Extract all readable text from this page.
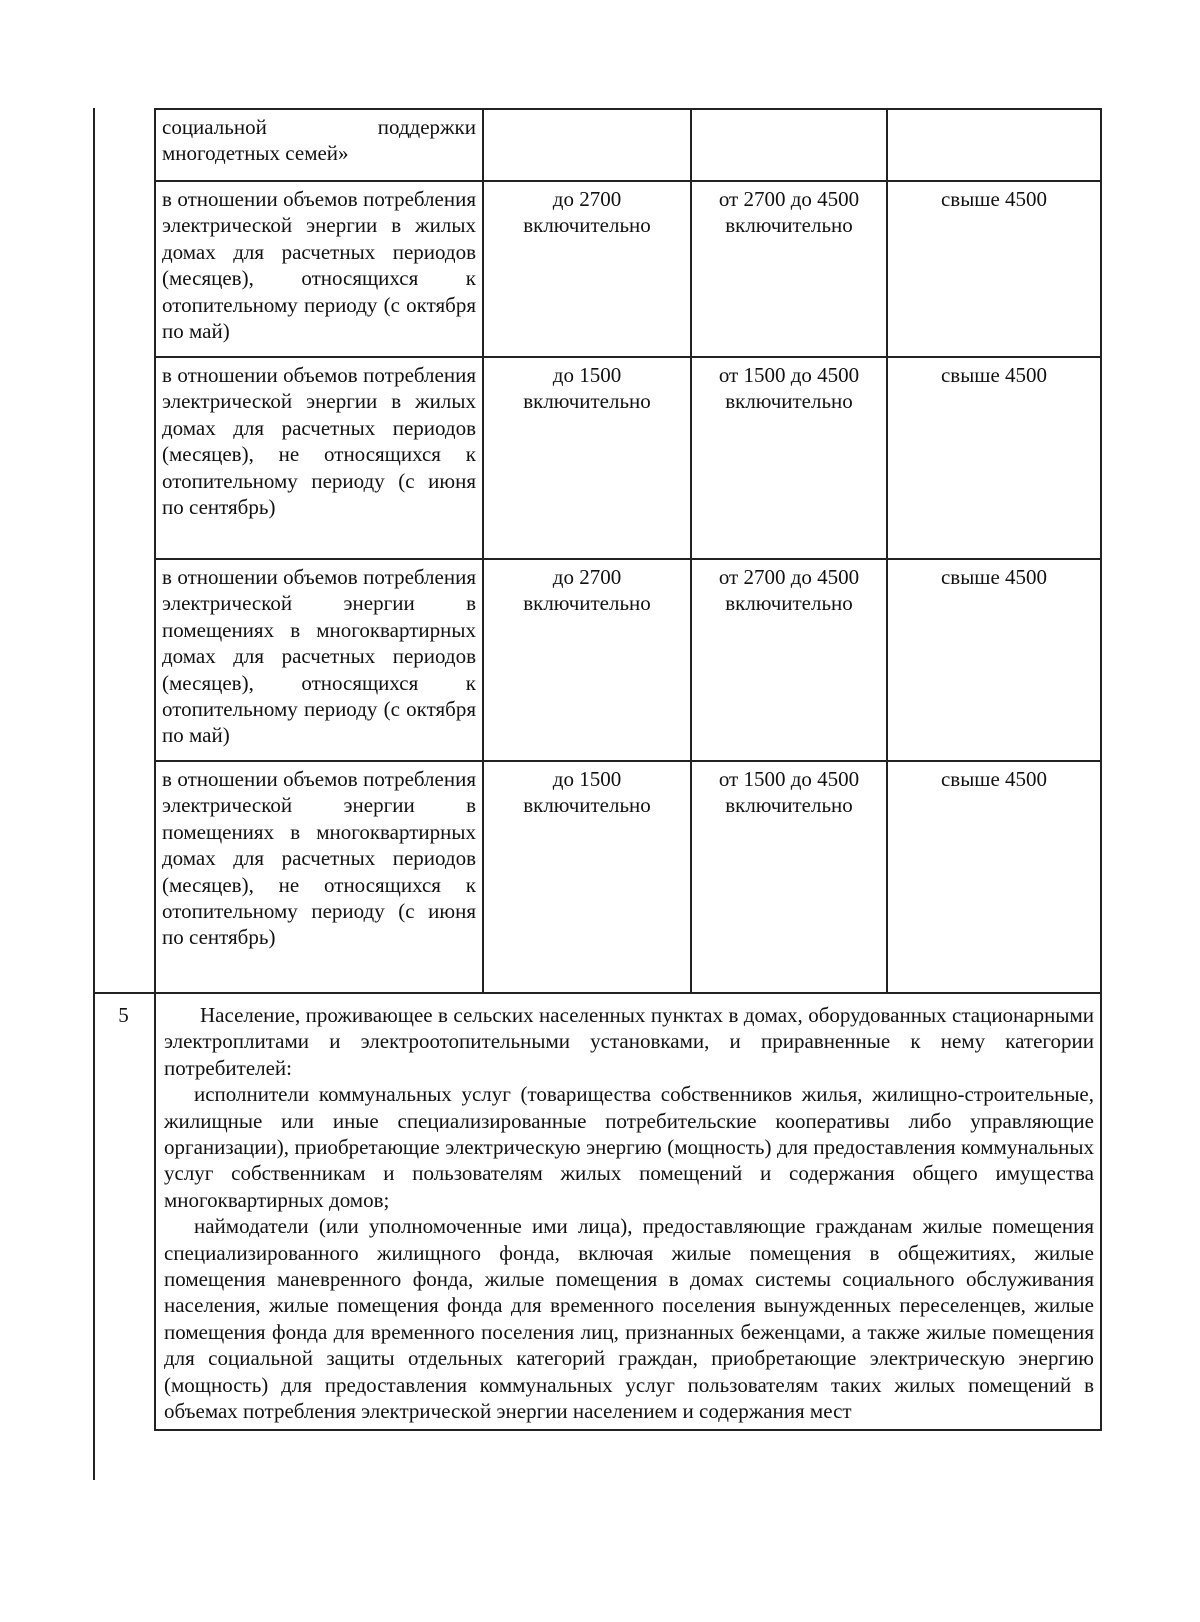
	социальной поддержки многодетных семей»			
	в отношении объемов потребления электрической энергии в жилых домах для расчетных периодов (месяцев), относящихся к отопительному периоду (с октября по май)	до 2700 включительно	от 2700 до 4500 включительно	свыше 4500
	в отношении объемов потребления электрической энергии в жилых домах для расчетных периодов (месяцев), не относящихся к отопительному периоду (с июня по сентябрь)	до 1500 включительно	от 1500 до 4500 включительно	свыше 4500
	в отношении объемов потребления электрической энергии в помещениях в многоквартирных домах для расчетных периодов (месяцев), относящихся к отопительному периоду (с октября по май)	до 2700 включительно	от 2700 до 4500 включительно	свыше 4500
	в отношении объемов потребления электрической энергии в помещениях в многоквартирных домах для расчетных периодов (месяцев), не относящихся к отопительному периоду (с июня по сентябрь)	до 1500 включительно	от 1500 до 4500 включительно	свыше 4500
5	Население, проживающее в сельских населенных пунктах в домах, оборудованных стационарными электроплитами и электроотопительными установками, и приравненные к нему категории потребителей:

исполнители коммунальных услуг (товарищества собственников жилья, жилищно-строительные, жилищные или иные специализированные потребительские кооперативы либо управляющие организации), приобретающие электрическую энергию (мощность) для предоставления коммунальных услуг собственникам и пользователям жилых помещений и содержания общего имущества многоквартирных домов;

наймодатели (или уполномоченные ими лица), предоставляющие гражданам жилые помещения специализированного жилищного фонда, включая жилые помещения в общежитиях, жилые помещения маневренного фонда, жилые помещения в домах системы социального обслуживания населения, жилые помещения фонда для временного поселения вынужденных переселенцев, жилые помещения фонда для временного поселения лиц, признанных беженцами, а также жилые помещения для социальной защиты отдельных категорий граждан, приобретающие электрическую энергию (мощность) для предоставления коммунальных услуг пользователям таких жилых помещений в объемах потребления электрической энергии населением и содержания мест			
